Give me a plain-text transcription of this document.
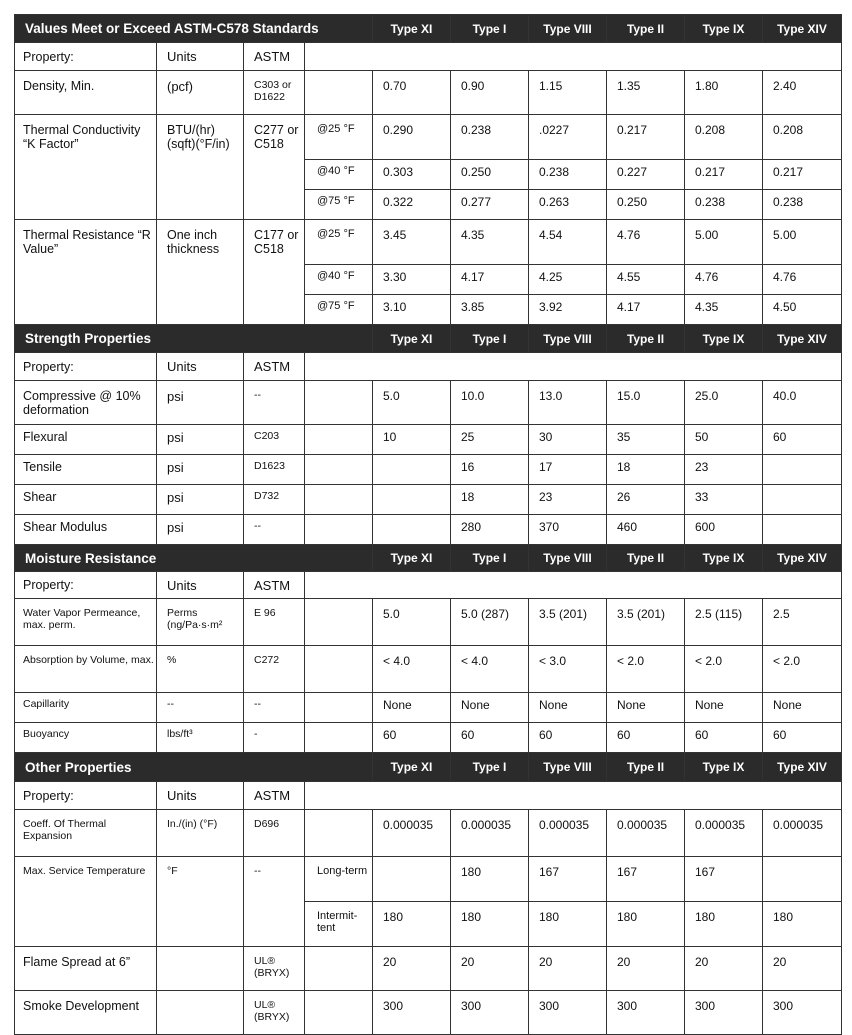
Values Meet or Exceed ASTM-C578 Standards				Type XI	Type I	Type VIII	Type II	Type IX	Type XIV
Property:	Units	ASTM							

Density, Min.	(pcf)	C303 or D1622		0.70	0.90	1.15	1.35	1.80	2.40

Thermal Conductivity “K Factor”	BTU/(hr)(sqft)(°F/in)	C277 or C518	@25 °F	0.290	0.238	.0227	0.217	0.208	0.208

			@40 °F	0.303	0.250	0.238	0.227	0.217	0.217

			@75 °F	0.322	0.277	0.263	0.250	0.238	0.238

Thermal Resistance “R Value”	One inch thickness	C177 or C518	@25 °F	3.45	4.35	4.54	4.76	5.00	5.00

			@40 °F	3.30	4.17	4.25	4.55	4.76	4.76

			@75 °F	3.10	3.85	3.92	4.17	4.35	4.50

Strength Properties				Type XI	Type I	Type VIII	Type II	Type IX	Type XIV
Property:	Units	ASTM							

Compressive @ 10% deformation	psi	--		5.0	10.0	13.0	15.0	25.0	40.0

Flexural	psi	C203		10	25	30	35	50	60

Tensile	psi	D1623			16	17	18	23	

Shear	psi	D732			18	23	26	33	

Shear Modulus	psi	--			280	370	460	600	

Moisture Resistance				Type XI	Type I	Type VIII	Type II	Type IX	Type XIV
Property:	Units	ASTM							

Water Vapor Permeance, max. perm.	Perms (ng/Pa·s·m²	E 96		5.0	5.0 (287)	3.5 (201)	3.5 (201)	2.5 (115)	2.5

Absorption by Volume, max.	%	C272		< 4.0	< 4.0	< 3.0	< 2.0	< 2.0	< 2.0

Capillarity	--	--		None	None	None	None	None	None

Buoyancy	lbs/ft³	-		60	60	60	60	60	60

Other Properties				Type XI	Type I	Type VIII	Type II	Type IX	Type XIV
Property:	Units	ASTM							

Coeff. Of Thermal Expansion	In./(in) (°F)	D696		0.000035	0.000035	0.000035	0.000035	0.000035	0.000035

Max. Service Temperature	°F	--	Long-term		180	167	167	167	

			Intermit-tent	180	180	180	180	180	180

Flame Spread at 6”		UL® (BRYX)		20	20	20	20	20	20

Smoke Development		UL® (BRYX)		300	300	300	300	300	300
